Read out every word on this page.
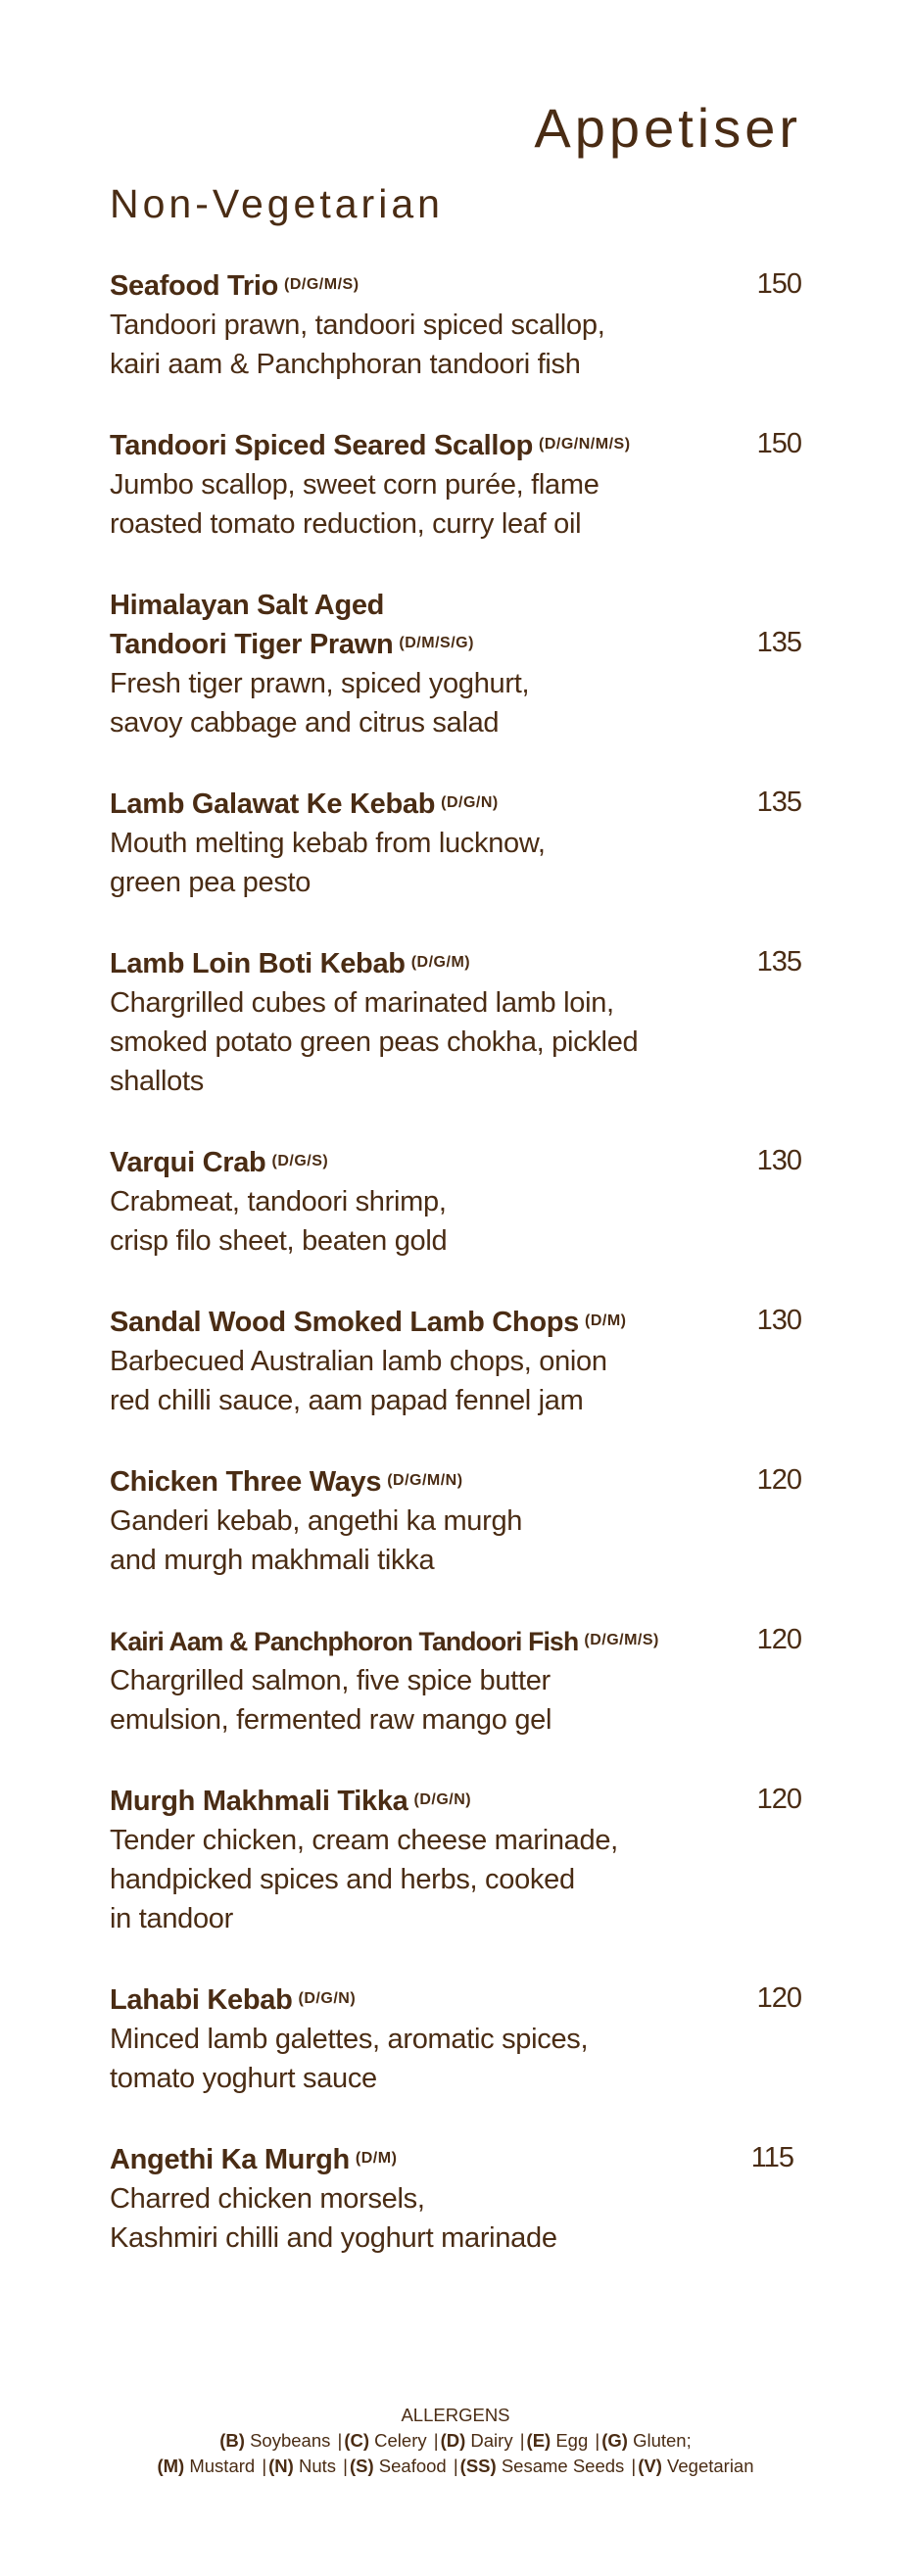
Appetiser
Non-Vegetarian
Seafood Trio (D/G/M/S)	150

Tandoori prawn, tandoori spiced scallop,
kairi aam & Panchphoran tandoori fish

Tandoori Spiced Seared Scallop (D/G/N/M/S)	150

Jumbo scallop, sweet corn purée, flame
roasted tomato reduction, curry leaf oil

Himalayan Salt Aged
Tandoori Tiger Prawn (D/M/S/G)	135

Fresh tiger prawn, spiced yoghurt,
savoy cabbage and citrus salad

Lamb Galawat Ke Kebab (D/G/N)	135

Mouth melting kebab from lucknow,
green pea pesto

Lamb Loin Boti Kebab (D/G/M)	135

Chargrilled cubes of marinated lamb loin,
smoked potato green peas chokha, pickled
shallots

Varqui Crab (D/G/S)	130

Crabmeat, tandoori shrimp,
crisp filo sheet, beaten gold

Sandal Wood Smoked Lamb Chops (D/M)	130

Barbecued Australian lamb chops, onion
red chilli sauce, aam papad fennel jam

Chicken Three Ways (D/G/M/N)	120

Ganderi kebab, angethi ka murgh
and murgh makhmali tikka

Kairi Aam & Panchphoron Tandoori Fish (D/G/M/S)	120

Chargrilled salmon, five spice butter
emulsion, fermented raw mango gel

Murgh Makhmali Tikka (D/G/N)	120

Tender chicken, cream cheese marinade,
handpicked spices and herbs, cooked
in tandoor

Lahabi Kebab (D/G/N)	120

Minced lamb galettes, aromatic spices,
tomato yoghurt sauce

Angethi Ka Murgh (D/M)	115

Charred chicken morsels,
Kashmiri chilli and yoghurt marinade

ALLERGENS
(B) Soybeans | (C) Celery | (D) Dairy | (E) Egg | (G) Gluten;
(M) Mustard | (N) Nuts | (S) Seafood | (SS) Sesame Seeds | (V) Vegetarian
